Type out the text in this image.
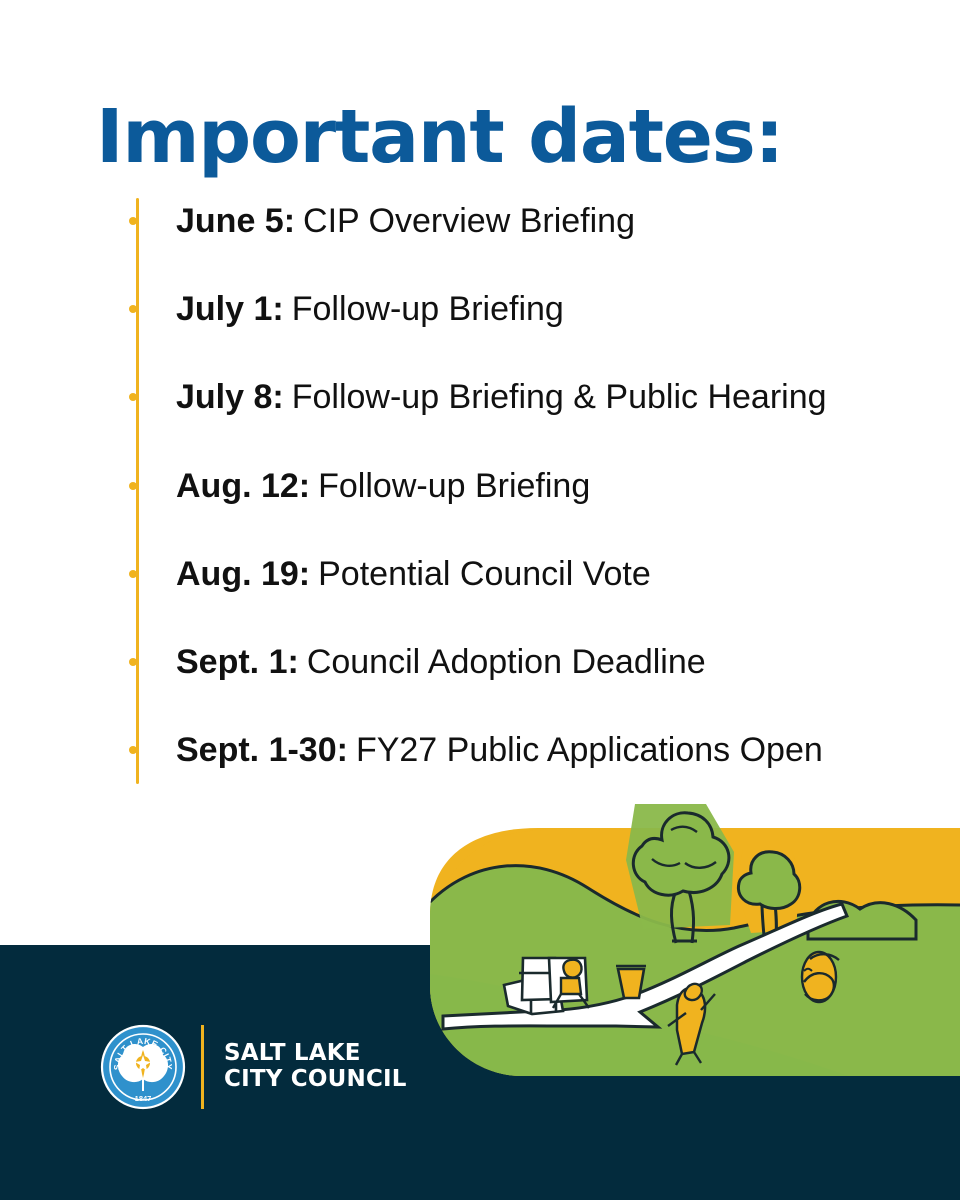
Important dates:
June 5: CIP Overview Briefing
July 1: Follow-up Briefing
July 8: Follow-up Briefing & Public Hearing
Aug. 12: Follow-up Briefing
Aug. 19: Potential Council Vote
Sept. 1: Council Adoption Deadline
Sept. 1-30: FY27 Public Applications Open
SALT LAKE CITY
1847
SALT LAKE
CITY COUNCIL
